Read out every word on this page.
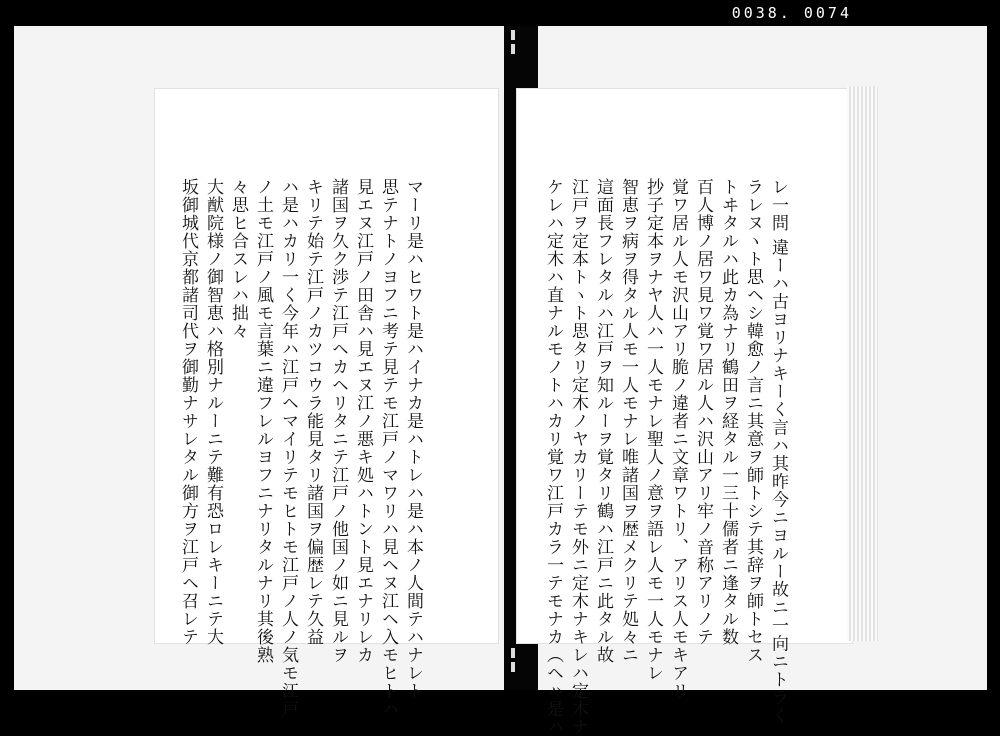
0038. 0074
レ一問 違ーハ古ヨリナキーく言ハ其昨今ニヨルー故ニ一向ニトラく
ラレヌヽト思ヘシ韓愈ノ言ニ其意ヲ師トシテ其辞ヲ師トセス
トヰタルハ此カ為ナリ鶴田ヲ経タル一三十儒者ニ逢タル数
百人博ノ居ワ見ワ覚ワ居ル人ハ沢山アリ牢ノ音称アリノテ
覚ワ居ル人モ沢山アリ脆ノ違者ニ文章ワトリ、アリス人モキアリ
抄子定本ヲナヤ人ハ一人モナレ聖人ノ意ヲ語レ人モ一人モナレ
智恵ヲ病ヲ得タル人モ一人モナレ唯諸国ヲ歴メクリテ処々ニ
這面長フレタルハ江戸ヲ知ルーヲ覚タリ鶴ハ江戸ニ此タル故
江戸ヲ定本トヽト思タリ定木ノヤカリーテモ外ニ定木ナキレハ定木ナ
ケレハ定木ハ直ナルモノトハカリ覚ワ江戸カラ一テモナカ（ヘハ是ハ
マーリ是ハヒワト是ハイナカ是ハトレハ是ハ本ノ人間テハナレト
思テナトノヨフニ考テ見テモ江戸ノマワリハ見ヘヌ江ヘ入モヒトハ
見エヌ江戸ノ田舎ハ見エヌ江ノ悪キ処ハトント見エナリレカ
諸国ヲ久ク渉テ江戸ヘカヘリタニテ江戸ノ他国ノ如ニ見ルヲ
キリテ始テ江戸ノカツコウラ能見タリ諸国ヲ偏歴レテ久益
ハ是ハカリ一く今年ハ江戸ヘマイリテモヒトモ江戸ノ人ノ気モ江戸
ノ土モ江戸ノ風モ言葉ニ違フレルヨフニナリタルナリ其後熟
々思ヒ合スレハ拙々
大猷院様ノ御智恵ハ格別ナルーニテ難有恐ロレキーニテ大
坂御城代京都諸司代ヲ御勤ナサレタル御方ヲ江戸ヘ召レテ
